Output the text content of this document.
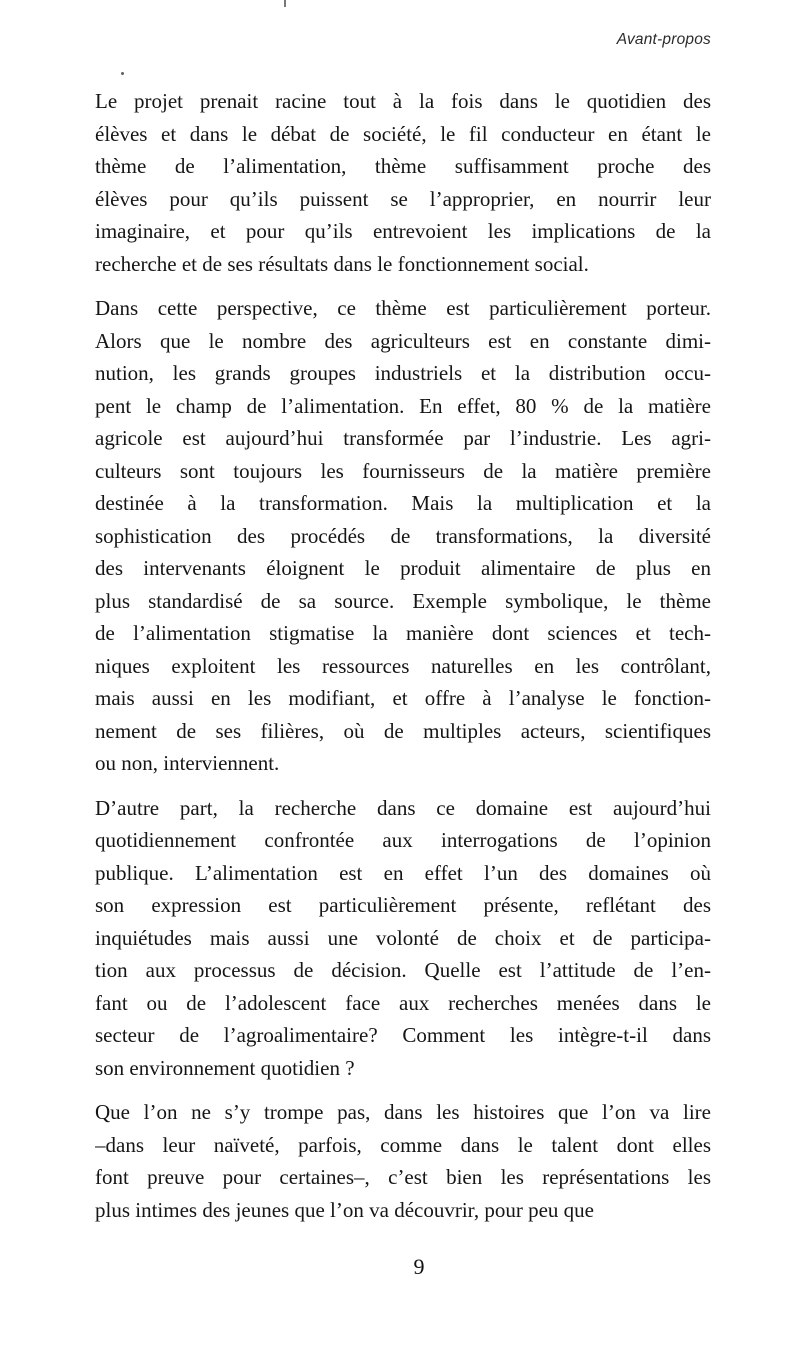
Avant-propos
Le projet prenait racine tout à la fois dans le quotidien des
élèves et dans le débat de société, le fil conducteur en étant le
thème de l’alimentation, thème suffisamment proche des
élèves pour qu’ils puissent se l’approprier, en nourrir leur
imaginaire, et pour qu’ils entrevoient les implications de la
recherche et de ses résultats dans le fonctionnement social.
Dans cette perspective, ce thème est particulièrement porteur.
Alors que le nombre des agriculteurs est en constante dimi-
nution, les grands groupes industriels et la distribution occu-
pent le champ de l’alimentation. En effet, 80 % de la matière
agricole est aujourd’hui transformée par l’industrie. Les agri-
culteurs sont toujours les fournisseurs de la matière première
destinée à la transformation. Mais la multiplication et la
sophistication des procédés de transformations, la diversité
des intervenants éloignent le produit alimentaire de plus en
plus standardisé de sa source. Exemple symbolique, le thème
de l’alimentation stigmatise la manière dont sciences et tech-
niques exploitent les ressources naturelles en les contrôlant,
mais aussi en les modifiant, et offre à l’analyse le fonction-
nement de ses filières, où de multiples acteurs, scientifiques
ou non, interviennent.
D’autre part, la recherche dans ce domaine est aujourd’hui
quotidiennement confrontée aux interrogations de l’opinion
publique. L’alimentation est en effet l’un des domaines où
son expression est particulièrement présente, reflétant des
inquiétudes mais aussi une volonté de choix et de participa-
tion aux processus de décision. Quelle est l’attitude de l’en-
fant ou de l’adolescent face aux recherches menées dans le
secteur de l’agroalimentaire? Comment les intègre-t-il dans
son environnement quotidien ?
Que l’on ne s’y trompe pas, dans les histoires que l’on va lire
–dans leur naïveté, parfois, comme dans le talent dont elles
font preuve pour certaines–, c’est bien les représentations les
plus intimes des jeunes que l’on va découvrir, pour peu que
9
